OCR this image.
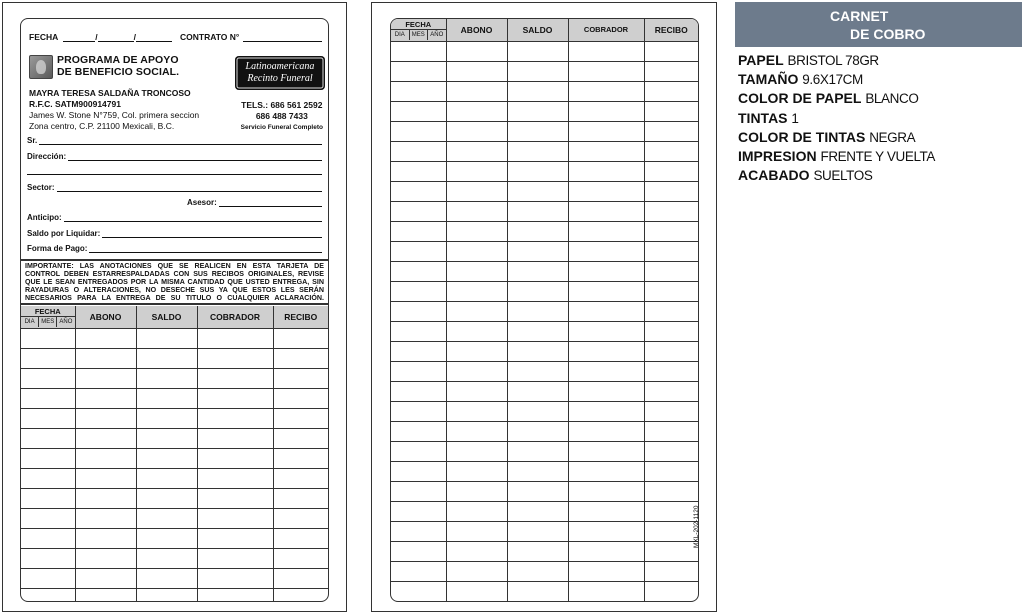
FECHA	/	/	CONTRATO N°
PROGRAMA DE APOYO
DE BENEFICIO SOCIAL.	Latinoamericana
Recinto Funeral
MAYRA TERESA SALDAÑA TRONCOSO
R.F.C. SATM900914791
James W. Stone N°759, Col. primera seccion
Zona centro, C.P. 21100 Mexicali, B.C.
TELS.: 686 561 2592
686 488 7433
Servicio Funeral Completo
Sr.
Dirección:
Sector:
Asesor:
Anticipo:
Saldo por Liquidar:
Forma de Pago:
IMPORTANTE: LAS ANOTACIONES QUE SE REALICEN EN ESTA TARJETA DE CONTROL DEBEN ESTARRESPALDADAS CON SUS RECIBOS ORIGINALES, REVISE QUE LE SEAN ENTREGADOS POR LA MISMA CANTIDAD QUE USTED ENTREGA, SIN RAYADURAS O ALTERACIONES, NO DESECHE SUS YA QUE ESTOS LES SERÁN NECESARIOS PARA LA ENTREGA DE SU TITULO O CUALQUIER ACLARACIÓN.
FECHA
DIA MES AÑO	ABONO	SALDO	COBRADOR	RECIBO

FECHA
DIA MES AÑO	ABONO	SALDO	COBRADOR	RECIBO

MXL-202-1120
CARNET
DE COBRO
PAPEL BRISTOL 78GR
TAMAÑO 9.6X17CM
COLOR DE PAPEL BLANCO
TINTAS 1
COLOR DE TINTAS NEGRA
IMPRESION FRENTE Y VUELTA
ACABADO SUELTOS
